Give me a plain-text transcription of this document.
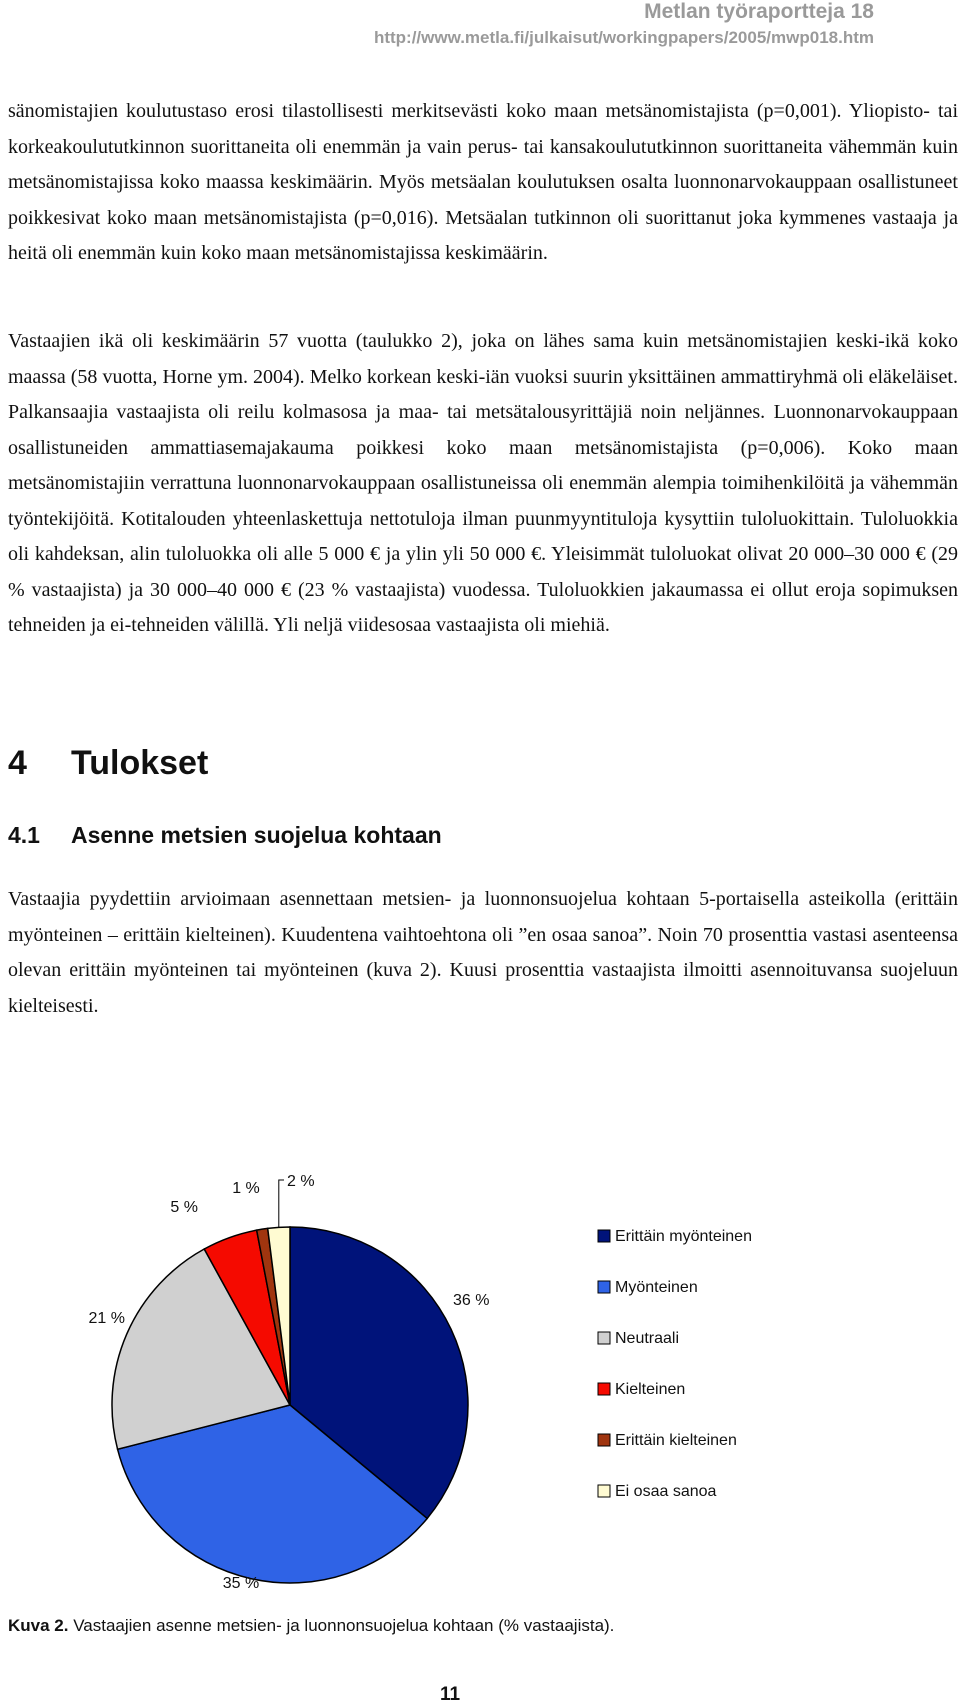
Metlan työraportteja 18
http://www.metla.fi/julkaisut/workingpapers/2005/mwp018.htm

sänomistajien koulutustaso erosi tilastollisesti merkitsevästi koko maan metsänomistajista (p=0,001). Yliopisto- tai korkeakoulututkinnon suorittaneita oli enemmän ja vain perus- tai kansakoulututkinnon suorittaneita vähemmän kuin metsänomistajissa koko maassa keskimäärin. Myös metsäalan koulutuksen osalta luonnonarvokauppaan osallistuneet poikkesivat koko maan metsänomistajista (p=0,016). Metsäalan tutkinnon oli suorittanut joka kymmenes vastaaja ja heitä oli enemmän kuin koko maan metsänomistajissa keskimäärin.

Vastaajien ikä oli keskimäärin 57 vuotta (taulukko 2), joka on lähes sama kuin metsänomistajien keski-ikä koko maassa (58 vuotta, Horne ym. 2004). Melko korkean keski-iän vuoksi suurin yksittäinen ammattiryhmä oli eläkeläiset. Palkansaajia vastaajista oli reilu kolmasosa ja maa- tai metsätalousyrittäjiä noin neljännes. Luonnonarvokauppaan osallistuneiden ammattiasemajakauma poikkesi koko maan metsänomistajista (p=0,006). Koko maan metsänomistajiin verrattuna luonnonarvokauppaan osallistuneissa oli enemmän alempia toimihenkilöitä ja vähemmän työntekijöitä. Kotitalouden yhteenlaskettuja nettotuloja ilman puunmyyntituloja kysyttiin tuloluokittain. Tuloluokkia oli kahdeksan, alin tuloluokka oli alle 5 000 € ja ylin yli 50 000 €. Yleisimmät tuloluokat olivat 20 000–30 000 € (29 % vastaajista) ja 30 000–40 000 € (23 % vastaajista) vuodessa. Tuloluokkien jakaumassa ei ollut eroja sopimuksen tehneiden ja ei-tehneiden välillä. Yli neljä viidesosaa vastaajista oli miehiä.

4 Tulokset
4.1 Asenne metsien suojelua kohtaan

Vastaajia pyydettiin arvioimaan asennettaan metsien- ja luonnonsuojelua kohtaan 5-portaisella asteikolla (erittäin myönteinen – erittäin kielteinen). Kuudentena vaihtoehtona oli ”en osaa sanoa”. Noin 70 prosenttia vastasi asenteensa olevan erittäin myönteinen tai myönteinen (kuva 2). Kuusi prosenttia vastaajista ilmoitti asennoituvansa suojeluun kielteisesti.

36 %
35 %
21 %
5 %
1 % 2 %
Erittäin myönteinen
Myönteinen
Neutraali
Kielteinen
Erittäin kielteinen
Ei osaa sanoa

Kuva 2. Vastaajien asenne metsien- ja luonnonsuojelua kohtaan (% vastaajista).

11
